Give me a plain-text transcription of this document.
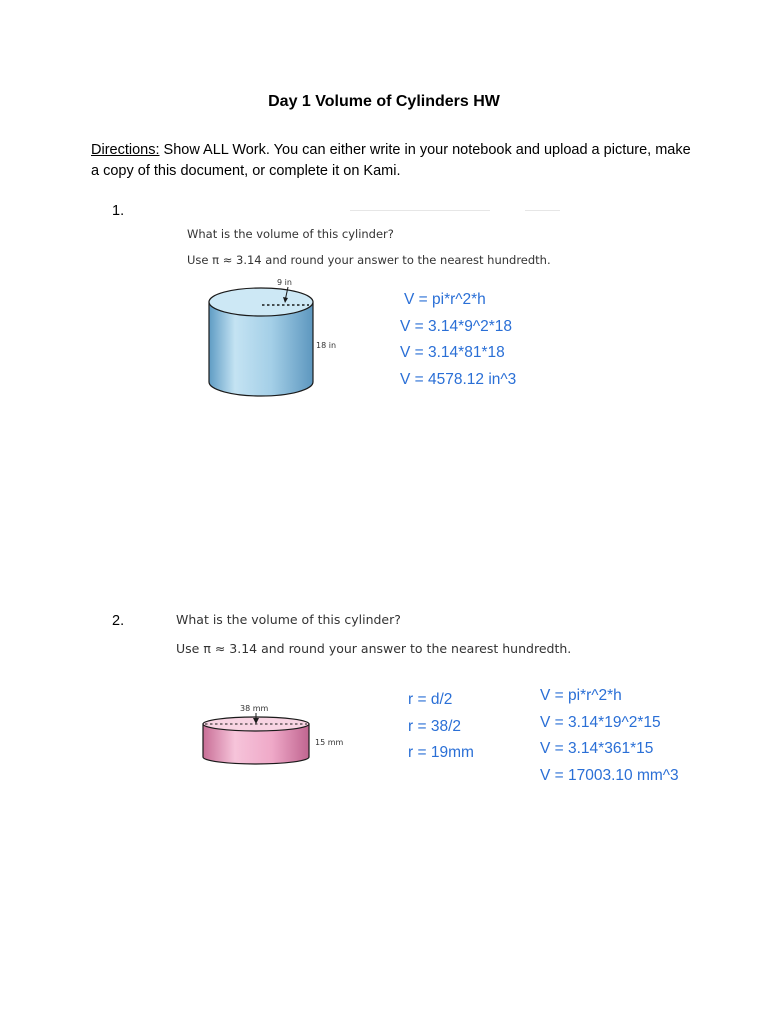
Day 1 Volume of Cylinders HW
Directions: Show ALL Work. You can either write in your notebook and upload a picture, make a copy of this document, or complete it on Kami.
1.
What is the volume of this cylinder?
Use π ≈ 3.14 and round your answer to the nearest hundredth.
9 in
18 in
V = pi*r^2*h
V = 3.14*9^2*18
V = 3.14*81*18
V = 4578.12 in^3
2.	What is the volume of this cylinder?
Use π ≈ 3.14 and round your answer to the nearest hundredth.
38 mm
15 mm
r = d/2
r = 38/2
r = 19mm
V = pi*r^2*h
V = 3.14*19^2*15
V = 3.14*361*15
V = 17003.10 mm^3
